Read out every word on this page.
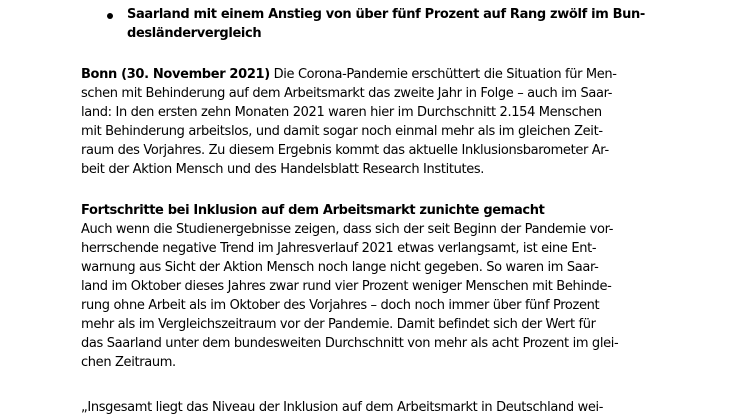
Saarland mit einem Anstieg von über fünf Prozent auf Rang zwölf im Bun-
desländervergleich
Bonn (30. November 2021) Die Corona-Pandemie erschüttert die Situation für Men-
schen mit Behinderung auf dem Arbeitsmarkt das zweite Jahr in Folge – auch im Saar-
land: In den ersten zehn Monaten 2021 waren hier im Durchschnitt 2.154 Menschen
mit Behinderung arbeitslos, und damit sogar noch einmal mehr als im gleichen Zeit-
raum des Vorjahres. Zu diesem Ergebnis kommt das aktuelle Inklusionsbarometer Ar-
beit der Aktion Mensch und des Handelsblatt Research Institutes.
Fortschritte bei Inklusion auf dem Arbeitsmarkt zunichte gemacht
Auch wenn die Studienergebnisse zeigen, dass sich der seit Beginn der Pandemie vor-
herrschende negative Trend im Jahresverlauf 2021 etwas verlangsamt, ist eine Ent-
warnung aus Sicht der Aktion Mensch noch lange nicht gegeben. So waren im Saar-
land im Oktober dieses Jahres zwar rund vier Prozent weniger Menschen mit Behinde-
rung ohne Arbeit als im Oktober des Vorjahres – doch noch immer über fünf Prozent
mehr als im Vergleichszeitraum vor der Pandemie. Damit befindet sich der Wert für
das Saarland unter dem bundesweiten Durchschnitt von mehr als acht Prozent im glei-
chen Zeitraum.
„Insgesamt liegt das Niveau der Inklusion auf dem Arbeitsmarkt in Deutschland wei-
